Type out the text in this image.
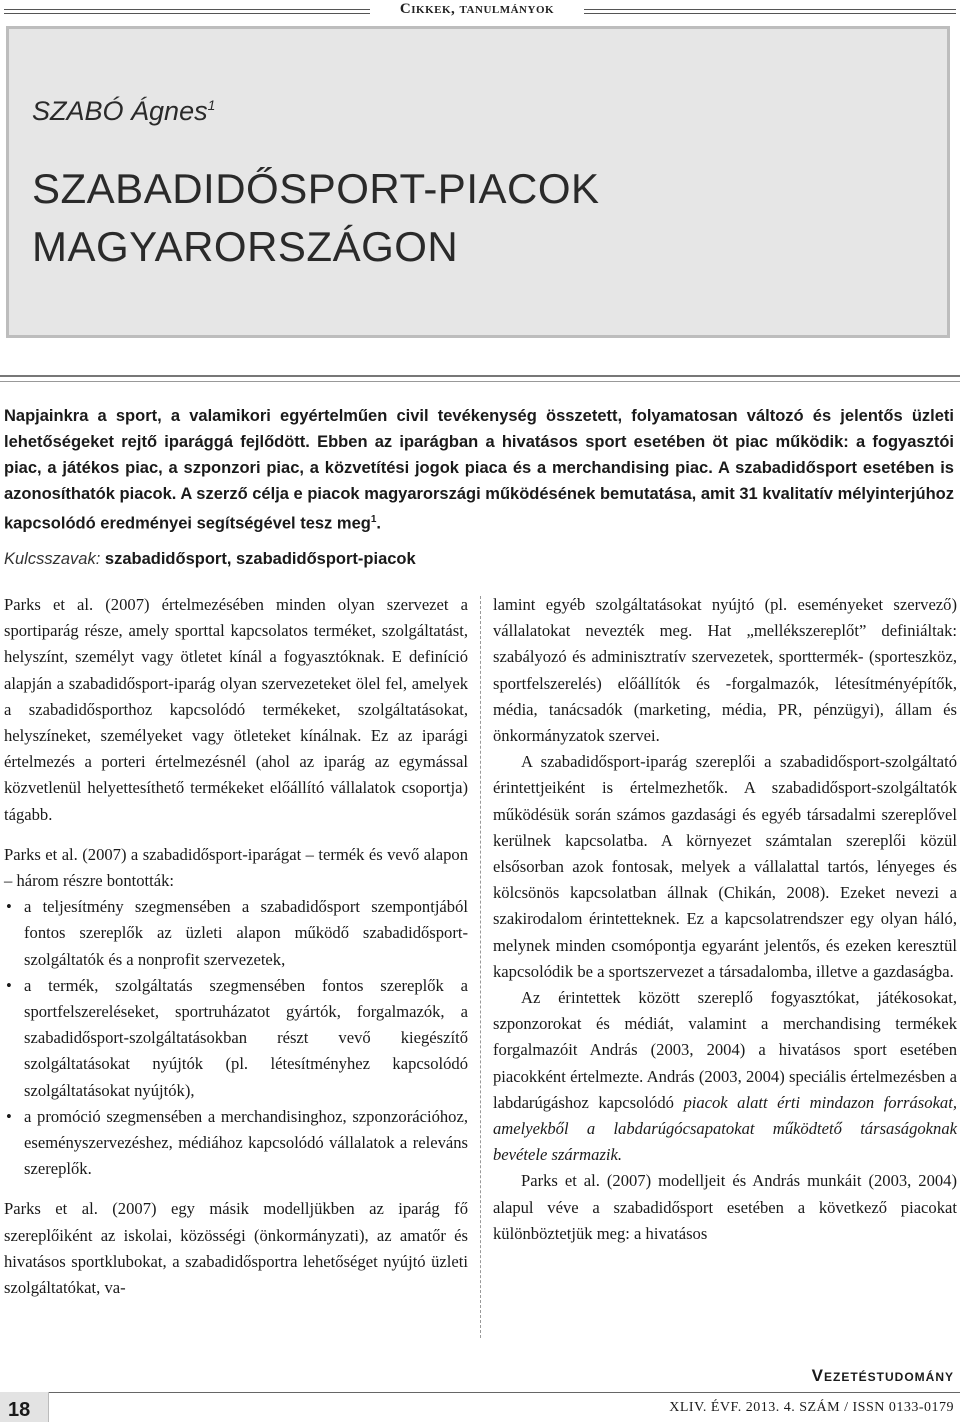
Cikkek, tanulmányok
SZABÓ Ágnes$^1$
SZABADIDŐSPORT-PIACOK
MAGYARORSZÁGON

Napjainkra a sport, a valamikori egyértelműen civil tevékenység összetett, folyamatosan változó és jelentős üzleti lehetőségeket rejtő iparággá fejlődött. Ebben az iparágban a hivatásos sport esetében öt piac működik: a fogyasztói piac, a játékos piac, a szponzori piac, a közvetítési jogok piaca és a merchandising piac. A szabadidősport esetében is azonosíthatók piacok. A szerző célja e piacok magyarországi működésének bemutatása, amit 31 kvalitatív mélyinterjúhoz kapcsolódó eredményei segítségével tesz meg$^1$.

Kulcsszavak: szabadidősport, szabadidősport-piacok

Parks et al. (2007) értelmezésében minden olyan szervezet a sportiparág része, amely sporttal kapcsolatos terméket, szolgáltatást, helyszínt, személyt vagy ötletet kínál a fogyasztóknak. E definíció alapján a szabadidősport-iparág olyan szervezeteket ölel fel, amelyek a szabadidősporthoz kapcsolódó termékeket, szolgáltatásokat, helyszíneket, személyeket vagy ötleteket kínálnak. Ez az iparági értelmezés a porteri értelmezésnél (ahol az iparág az egymással közvetlenül helyettesíthető termékeket előállító vállalatok csoportja) tágabb.

Parks et al. (2007) a szabadidősport-iparágat – termék és vevő alapon – három részre bontották:

• a teljesítmény szegmensében a szabadidősport szempontjából fontos szereplők az üzleti alapon működő szabadidősport-szolgáltatók és a nonprofit szervezetek,
• a termék, szolgáltatás szegmensében fontos szereplők a sportfelszereléseket, sportruházatot gyártók, forgalmazók, a szabadidősport-szolgáltatásokban részt vevő kiegészítő szolgáltatásokat nyújtók (pl. létesítményhez kapcsolódó szolgáltatásokat nyújtók),
• a promóció szegmensében a merchandisinghoz, szponzorációhoz, eseményszervezéshez, médiához kapcsolódó vállalatok a releváns szereplők.

Parks et al. (2007) egy másik modelljükben az iparág fő szereplőiként az iskolai, közösségi (önkormányzati), az amatőr és hivatásos sportklubokat, a szabadidősportra lehetőséget nyújtó üzleti szolgáltatókat, va-

lamint egyéb szolgáltatásokat nyújtó (pl. eseményeket szervező) vállalatokat nevezték meg. Hat „mellékszereplőt” definiáltak: szabályozó és adminisztratív szervezetek, sporttermék- (sporteszköz, sportfelszerelés) előállítók és -forgalmazók, létesítményépítők, média, tanácsadók (marketing, média, PR, pénzügyi), állam és önkormányzatok szervei.

A szabadidősport-iparág szereplői a szabadidősport-szolgáltató érintettjeiként is értelmezhetők. A szabadidősport-szolgáltatók működésük során számos gazdasági és egyéb társadalmi szereplővel kerülnek kapcsolatba. A környezet számtalan szereplői közül elsősorban azok fontosak, melyek a vállalattal tartós, lényeges és kölcsönös kapcsolatban állnak (Chikán, 2008). Ezeket nevezi a szakirodalom érintetteknek. Ez a kapcsolatrendszer egy olyan háló, melynek minden csomópontja egyaránt jelentős, és ezeken keresztül kapcsolódik be a sportszervezet a társadalomba, illetve a gazdaságba.

Az érintettek között szereplő fogyasztókat, játékosokat, szponzorokat és médiát, valamint a merchandising termékek forgalmazóit András (2003, 2004) a hivatásos sport esetében piacokként értelmezte. András (2003, 2004) speciális értelmezésben a labdarúgáshoz kapcsolódó piacok alatt érti mindazon forrásokat, amelyekből a labdarúgócsapatokat működtető társaságoknak bevétele származik.

Parks et al. (2007) modelljeit és András munkáit (2003, 2004) alapul véve a szabadidősport esetében a következő piacokat különböztetjük meg: a hivatásos

Vezetéstudomány
18	XLIV. ÉVF. 2013. 4. SZÁM / ISSN 0133-0179
